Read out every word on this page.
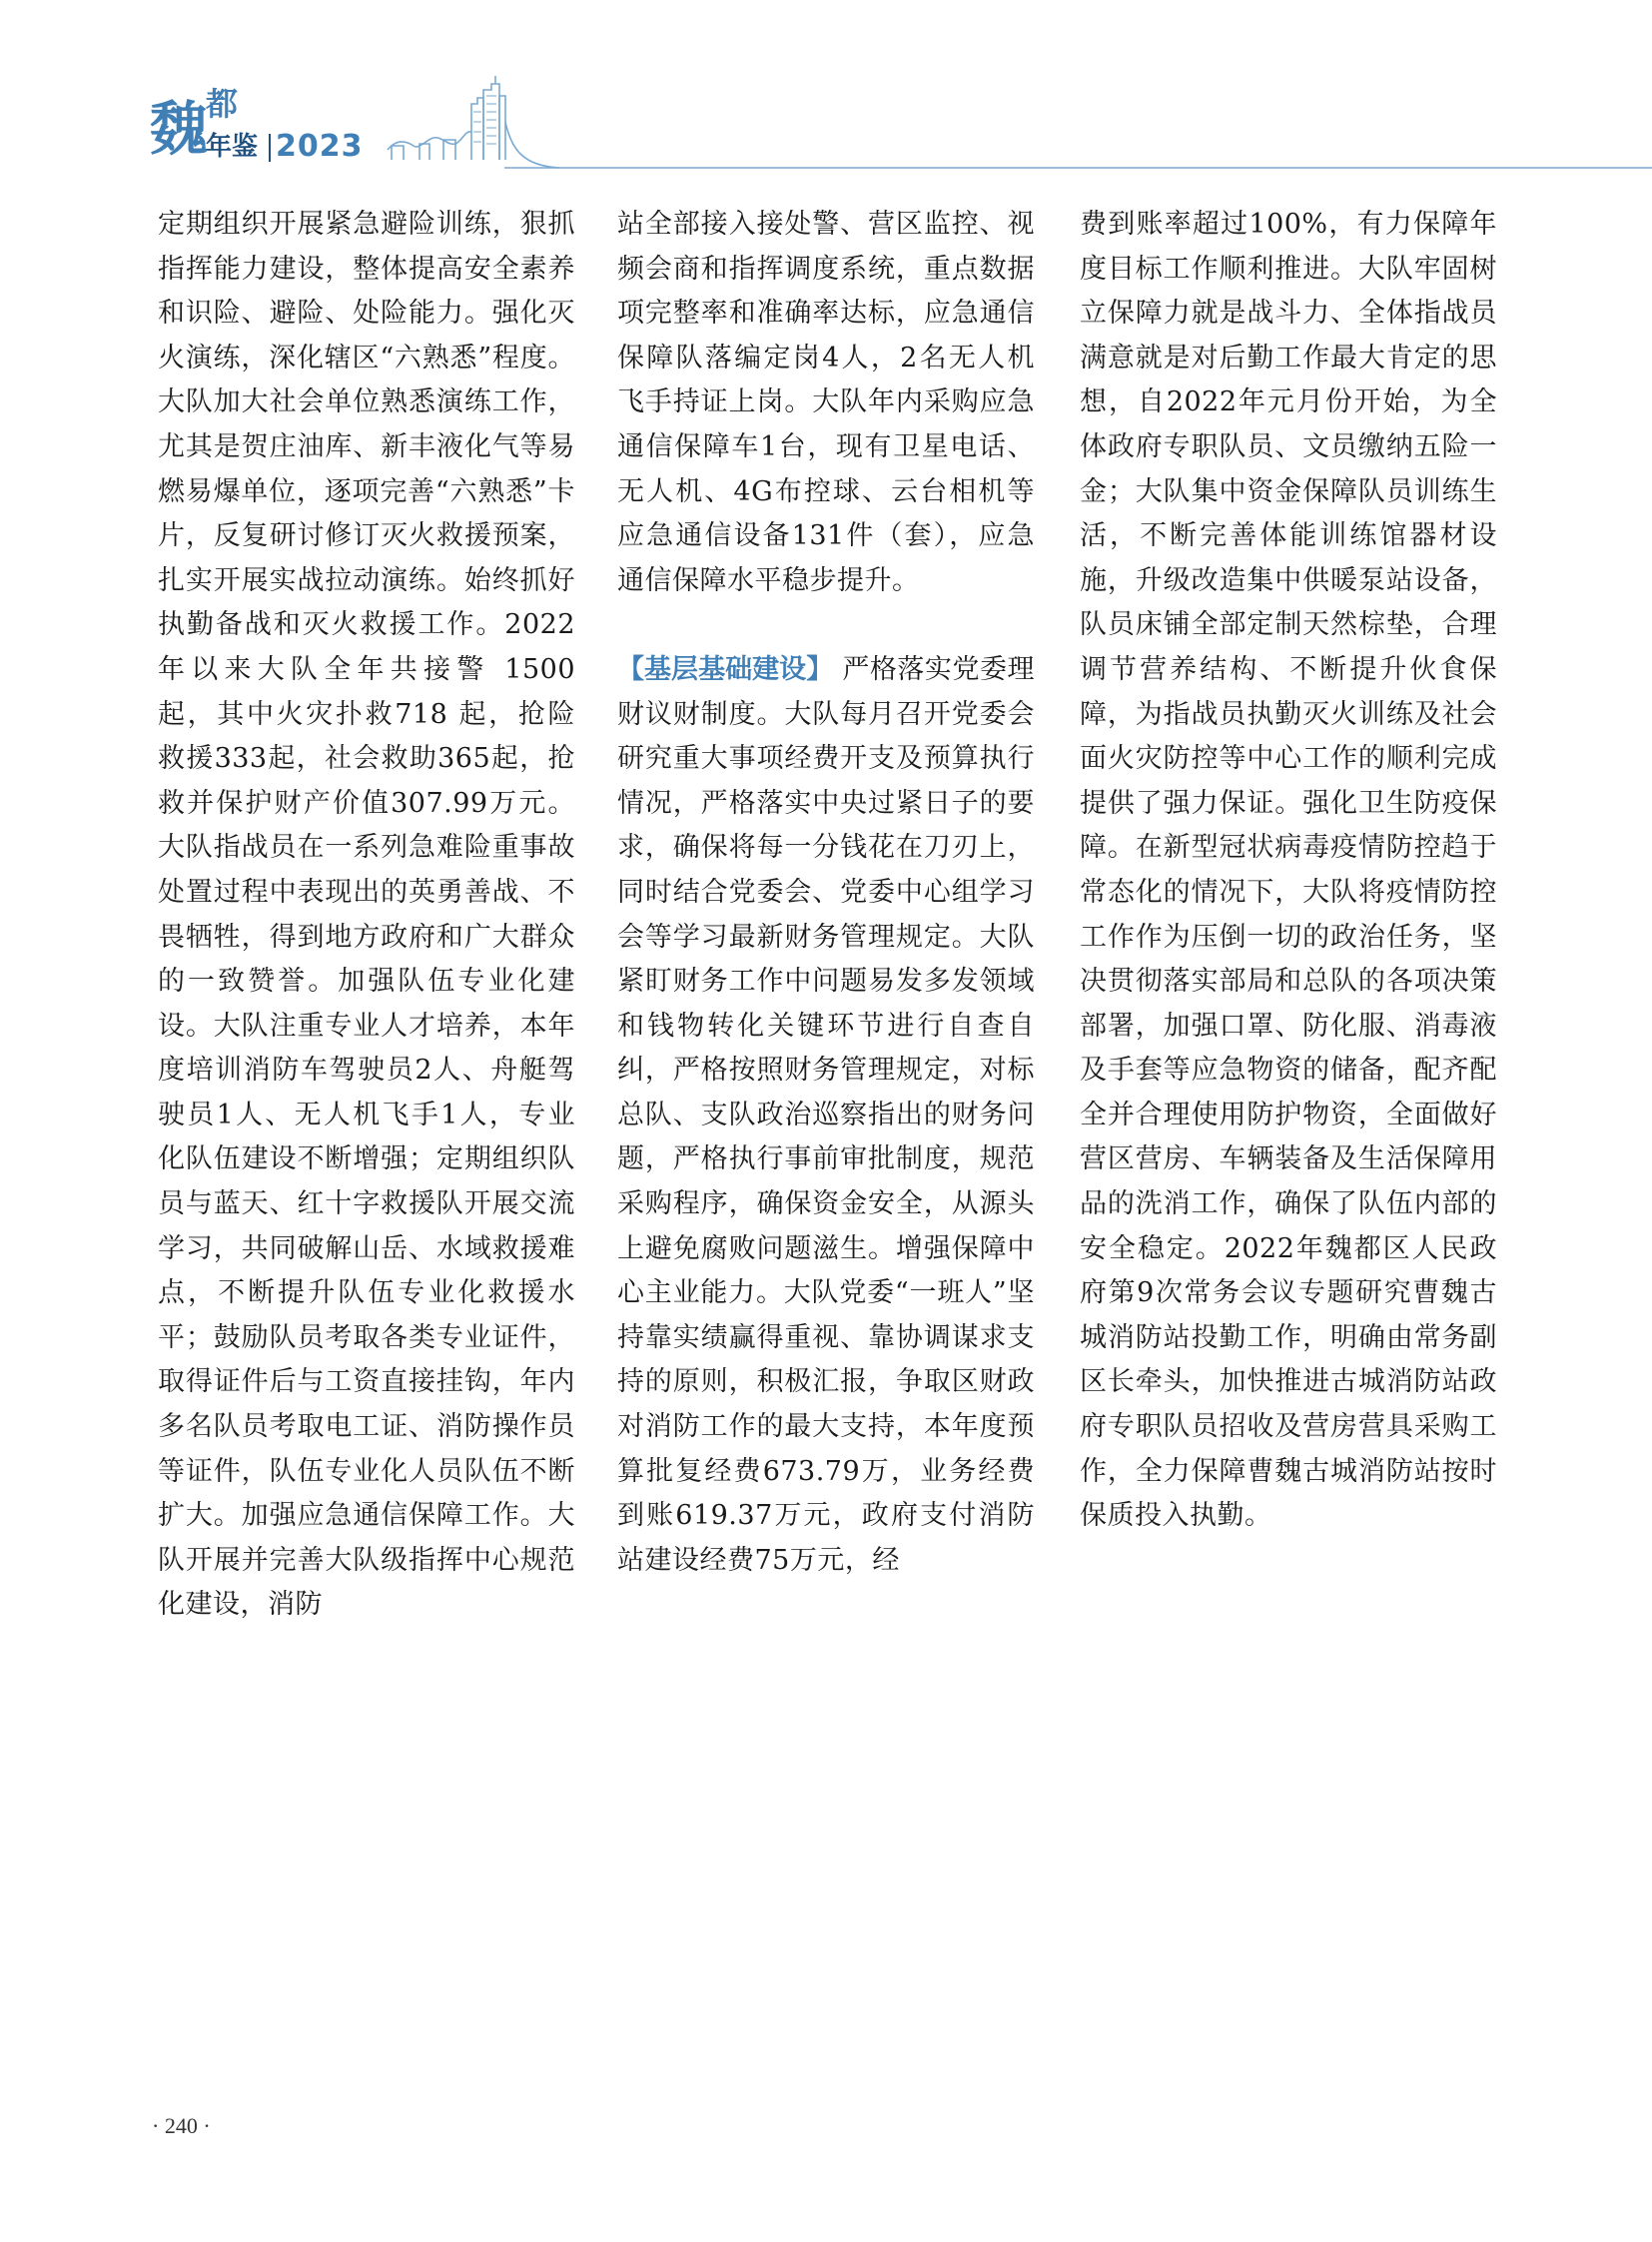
魏
都
年鉴 2023

定期组织开展紧急避险训练，狠抓指挥能力建设，整体提高安全素养和识险、避险、处险能力。强化灭火演练，深化辖区“六熟悉”程度。大队加大社会单位熟悉演练工作，尤其是贺庄油库、新丰液化气等易燃易爆单位，逐项完善“六熟悉”卡片，反复研讨修订灭火救援预案，扎实开展实战拉动演练。始终抓好执勤备战和灭火救援工作。2022年以来大队全年共接警 1500 起，其中火灾扑救718 起，抢险救援333起，社会救助365起，抢救并保护财产价值307.99万元。大队指战员在一系列急难险重事故处置过程中表现出的英勇善战、不畏牺牲，得到地方政府和广大群众的一致赞誉。加强队伍专业化建设。大队注重专业人才培养，本年度培训消防车驾驶员2人、舟艇驾驶员1人、无人机飞手1人，专业化队伍建设不断增强；定期组织队员与蓝天、红十字救援队开展交流学习，共同破解山岳、水域救援难点，不断提升队伍专业化救援水平；鼓励队员考取各类专业证件，取得证件后与工资直接挂钩，年内多名队员考取电工证、消防操作员等证件，队伍专业化人员队伍不断扩大。加强应急通信保障工作。大队开展并完善大队级指挥中心规范化建设，消防

站全部接入接处警、营区监控、视频会商和指挥调度系统，重点数据项完整率和准确率达标，应急通信保障队落编定岗4人，2名无人机飞手持证上岗。大队年内采购应急通信保障车1台，现有卫星电话、无人机、4G布控球、云台相机等应急通信设备131件（套），应急通信保障水平稳步提升。

【基层基础建设】 严格落实党委理财议财制度。大队每月召开党委会研究重大事项经费开支及预算执行情况，严格落实中央过紧日子的要求，确保将每一分钱花在刀刃上，同时结合党委会、党委中心组学习会等学习最新财务管理规定。大队紧盯财务工作中问题易发多发领域和钱物转化关键环节进行自查自纠，严格按照财务管理规定，对标总队、支队政治巡察指出的财务问题，严格执行事前审批制度，规范采购程序，确保资金安全，从源头上避免腐败问题滋生。增强保障中心主业能力。大队党委“一班人”坚持靠实绩赢得重视、靠协调谋求支持的原则，积极汇报，争取区财政对消防工作的最大支持，本年度预算批复经费673.79万，业务经费到账619.37万元，政府支付消防站建设经费75万元，经

费到账率超过100%，有力保障年度目标工作顺利推进。大队牢固树立保障力就是战斗力、全体指战员满意就是对后勤工作最大肯定的思想，自2022年元月份开始，为全体政府专职队员、文员缴纳五险一金；大队集中资金保障队员训练生活，不断完善体能训练馆器材设施，升级改造集中供暖泵站设备，队员床铺全部定制天然棕垫，合理调节营养结构、不断提升伙食保障，为指战员执勤灭火训练及社会面火灾防控等中心工作的顺利完成提供了强力保证。强化卫生防疫保障。在新型冠状病毒疫情防控趋于常态化的情况下，大队将疫情防控工作作为压倒一切的政治任务，坚决贯彻落实部局和总队的各项决策部署，加强口罩、防化服、消毒液及手套等应急物资的储备，配齐配全并合理使用防护物资，全面做好营区营房、车辆装备及生活保障用品的洗消工作，确保了队伍内部的安全稳定。2022年魏都区人民政府第9次常务会议专题研究曹魏古城消防站投勤工作，明确由常务副区长牵头，加快推进古城消防站政府专职队员招收及营房营具采购工作，全力保障曹魏古城消防站按时保质投入执勤。

· 240 ·
